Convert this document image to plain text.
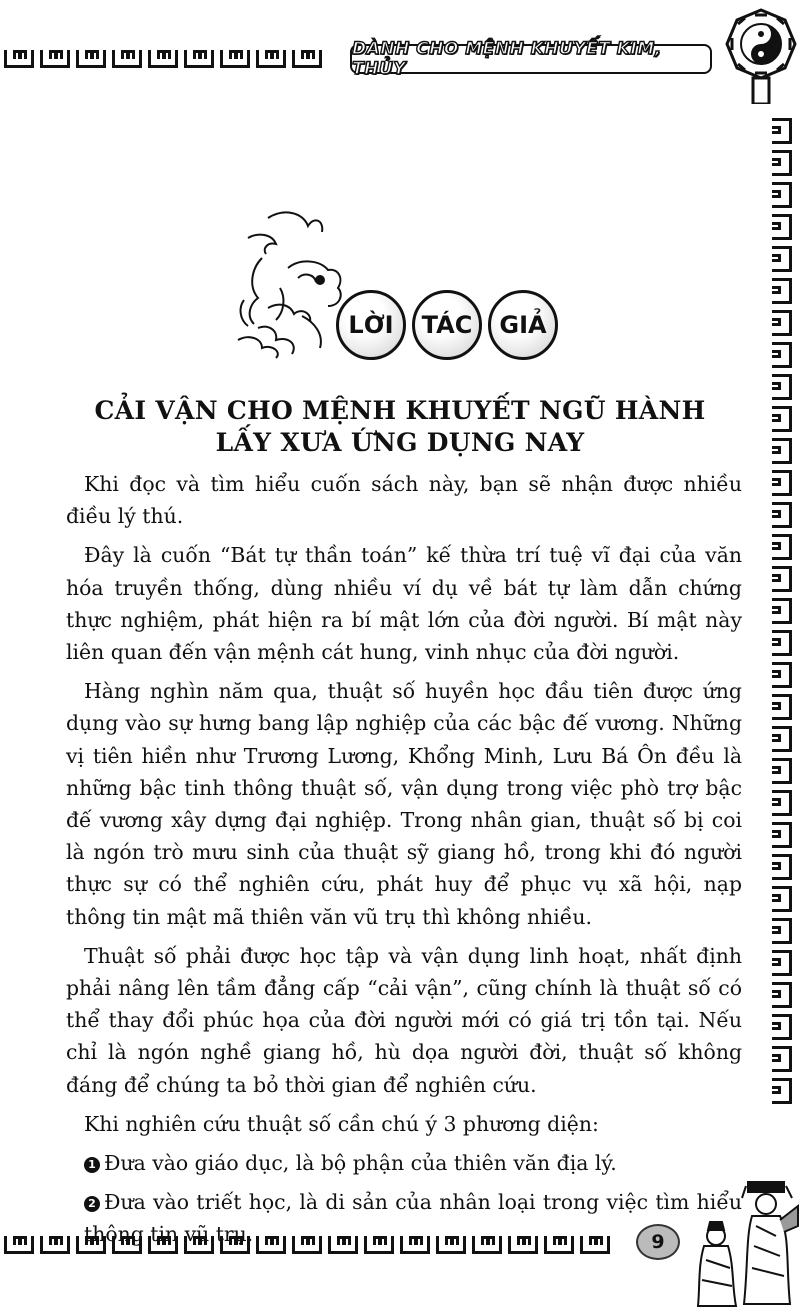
DÀNH CHO MỆNH KHUYẾT KIM, THỦY
LỜI	TÁC	GIẢ
CẢI VẬN CHO MỆNH KHUYẾT NGŨ HÀNH
LẤY XƯA ỨNG DỤNG NAY

Khi đọc và tìm hiểu cuốn sách này, bạn sẽ nhận được nhiều điều lý thú.

Đây là cuốn “Bát tự thần toán” kế thừa trí tuệ vĩ đại của văn hóa truyền thống, dùng nhiều ví dụ về bát tự làm dẫn chứng thực nghiệm, phát hiện ra bí mật lớn của đời người. Bí mật này liên quan đến vận mệnh cát hung, vinh nhục của đời người.

Hàng nghìn năm qua, thuật số huyền học đầu tiên được ứng dụng vào sự hưng bang lập nghiệp của các bậc đế vương. Những vị tiên hiền như Trương Lương, Khổng Minh, Lưu Bá Ôn đều là những bậc tinh thông thuật số, vận dụng trong việc phò trợ bậc đế vương xây dựng đại nghiệp. Trong nhân gian, thuật số bị coi là ngón trò mưu sinh của thuật sỹ giang hồ, trong khi đó người thực sự có thể nghiên cứu, phát huy để phục vụ xã hội, nạp thông tin mật mã thiên văn vũ trụ thì không nhiều.

Thuật số phải được học tập và vận dụng linh hoạt, nhất định phải nâng lên tầm đẳng cấp “cải vận”, cũng chính là thuật số có thể thay đổi phúc họa của đời người mới có giá trị tồn tại. Nếu chỉ là ngón nghề giang hồ, hù dọa người đời, thuật số không đáng để chúng ta bỏ thời gian để nghiên cứu.

Khi nghiên cứu thuật số cần chú ý 3 phương diện:

1 Đưa vào giáo dục, là bộ phận của thiên văn địa lý.

2 Đưa vào triết học, là di sản của nhân loại trong việc tìm hiểu thông tin vũ trụ.	9
